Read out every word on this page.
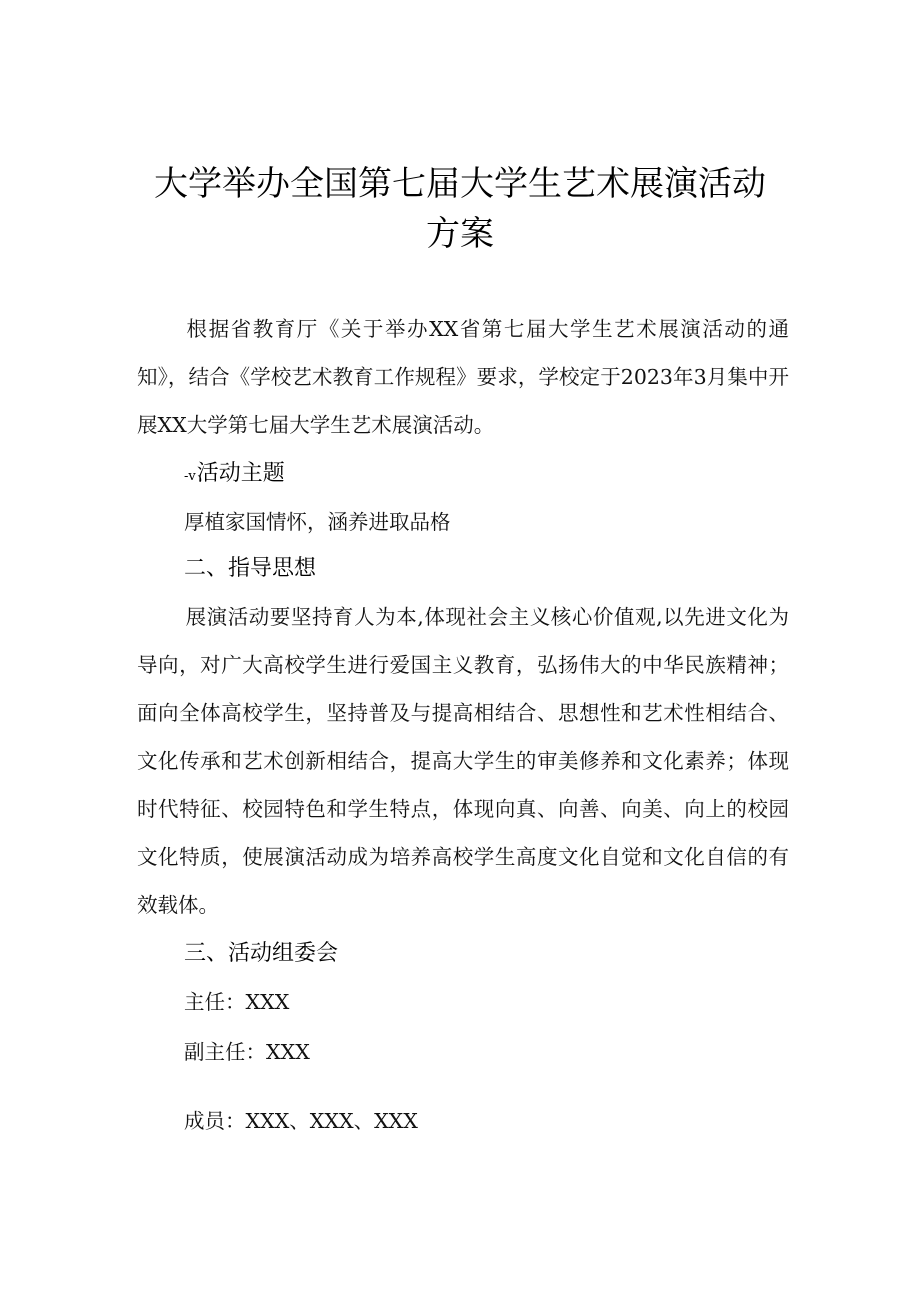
大学举办全国第七届大学生艺术展演活动
方案

根据省教育厅《关于举办XX省第七届大学生艺术展演活动的通知》，结合《学校艺术教育工作规程》要求，学校定于2023年3月集中开展XX大学第七届大学生艺术展演活动。

-v活动主题
厚植家国情怀，涵养进取品格
二、指导思想

展演活动要坚持育人为本,体现社会主义核心价值观,以先进文化为导向，对广大高校学生进行爱国主义教育，弘扬伟大的中华民族精神；面向全体高校学生，坚持普及与提高相结合、思想性和艺术性相结合、文化传承和艺术创新相结合，提高大学生的审美修养和文化素养；体现时代特征、校园特色和学生特点，体现向真、向善、向美、向上的校园文化特质，使展演活动成为培养高校学生高度文化自觉和文化自信的有效载体。

三、活动组委会
主任：XXX
副主任：XXX
成员：XXX、XXX、XXX
